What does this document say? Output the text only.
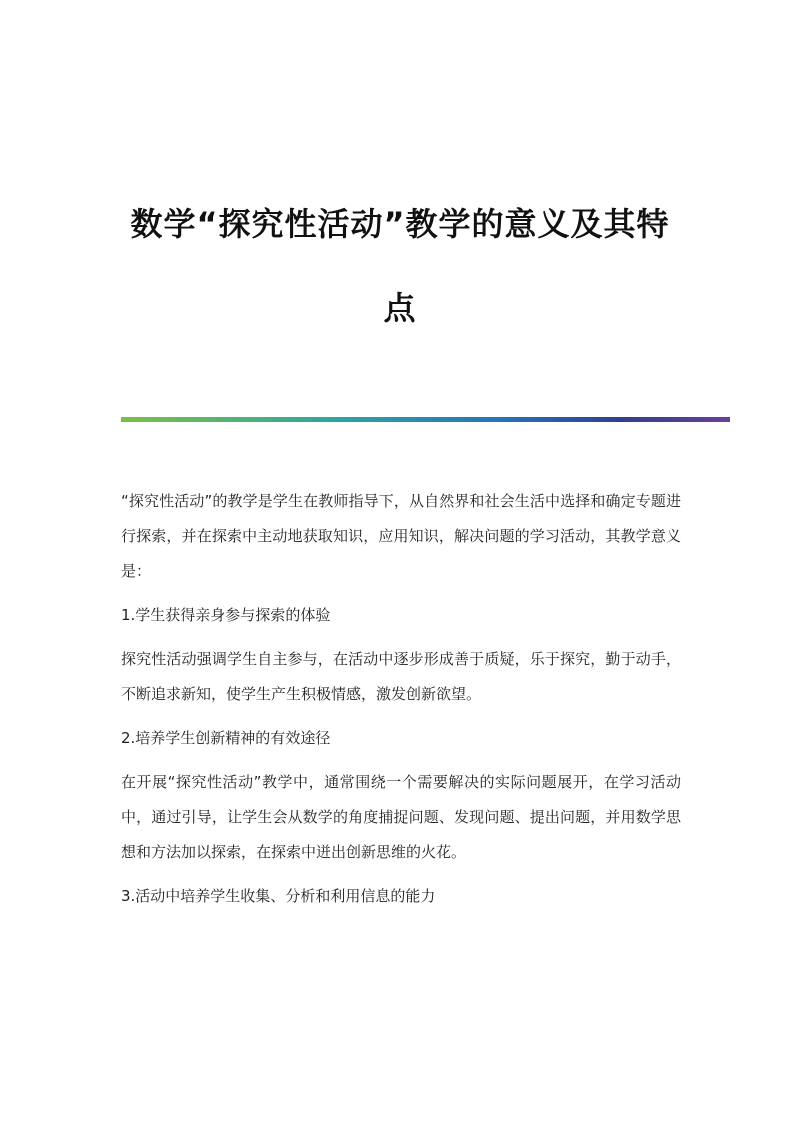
数学“探究性活动”教学的意义及其特
点

“探究性活动”的教学是学生在教师指导下，从自然界和社会生活中选择和确定专题进行探索，并在探索中主动地获取知识，应用知识，解决问题的学习活动，其教学意义是：

1.学生获得亲身参与探索的体验

探究性活动强调学生自主参与，在活动中逐步形成善于质疑，乐于探究，勤于动手，不断追求新知，使学生产生积极情感，激发创新欲望。

2.培养学生创新精神的有效途径

在开展“探究性活动”教学中，通常围绕一个需要解决的实际问题展开，在学习活动中，通过引导，让学生会从数学的角度捕捉问题、发现问题、提出问题，并用数学思想和方法加以探索，在探索中迸出创新思维的火花。

3.活动中培养学生收集、分析和利用信息的能力
